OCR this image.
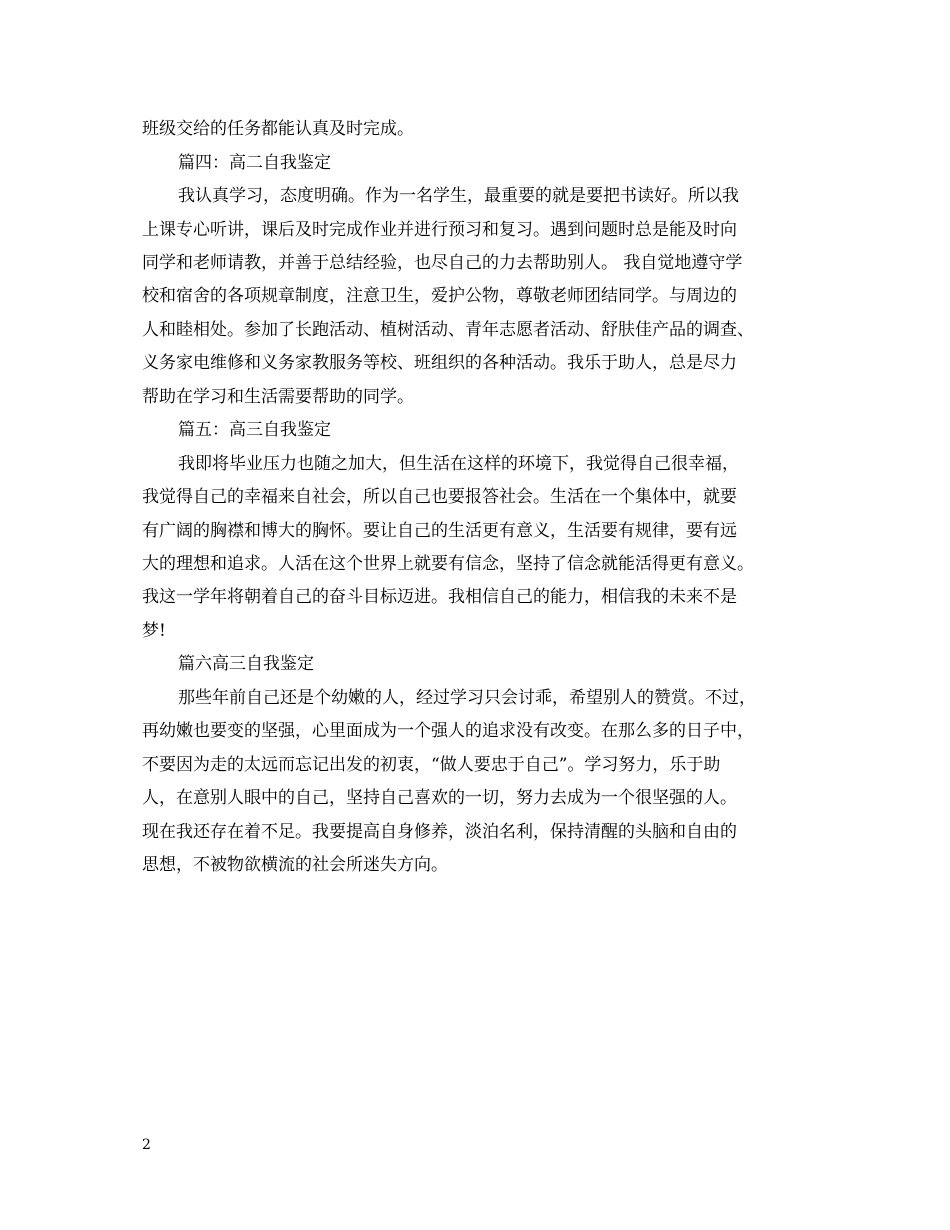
班级交给的任务都能认真及时完成。
篇四：高二自我鉴定
我认真学习，态度明确。作为一名学生，最重要的就是要把书读好。所以我
上课专心听讲，课后及时完成作业并进行预习和复习。遇到问题时总是能及时向
同学和老师请教，并善于总结经验，也尽自己的力去帮助别人。 我自觉地遵守学
校和宿舍的各项规章制度，注意卫生，爱护公物，尊敬老师团结同学。与周边的
人和睦相处。参加了长跑活动、植树活动、青年志愿者活动、舒肤佳产品的调查、
义务家电维修和义务家教服务等校、班组织的各种活动。我乐于助人，总是尽力
帮助在学习和生活需要帮助的同学。
篇五：高三自我鉴定
我即将毕业压力也随之加大，但生活在这样的环境下，我觉得自己很幸福，
我觉得自己的幸福来自社会，所以自己也要报答社会。生活在一个集体中，就要
有广阔的胸襟和博大的胸怀。要让自己的生活更有意义，生活要有规律，要有远
大的理想和追求。人活在这个世界上就要有信念，坚持了信念就能活得更有意义。
我这一学年将朝着自己的奋斗目标迈进。我相信自己的能力，相信我的未来不是
梦!
篇六高三自我鉴定
那些年前自己还是个幼嫩的人，经过学习只会讨乖，希望别人的赞赏。不过，
再幼嫩也要变的坚强，心里面成为一个强人的追求没有改变。在那么多的日子中，
不要因为走的太远而忘记出发的初衷，“做人要忠于自己”。学习努力，乐于助
人，在意别人眼中的自己，坚持自己喜欢的一切，努力去成为一个很坚强的人。
现在我还存在着不足。我要提高自身修养，淡泊名利，保持清醒的头脑和自由的
思想，不被物欲横流的社会所迷失方向。
2
